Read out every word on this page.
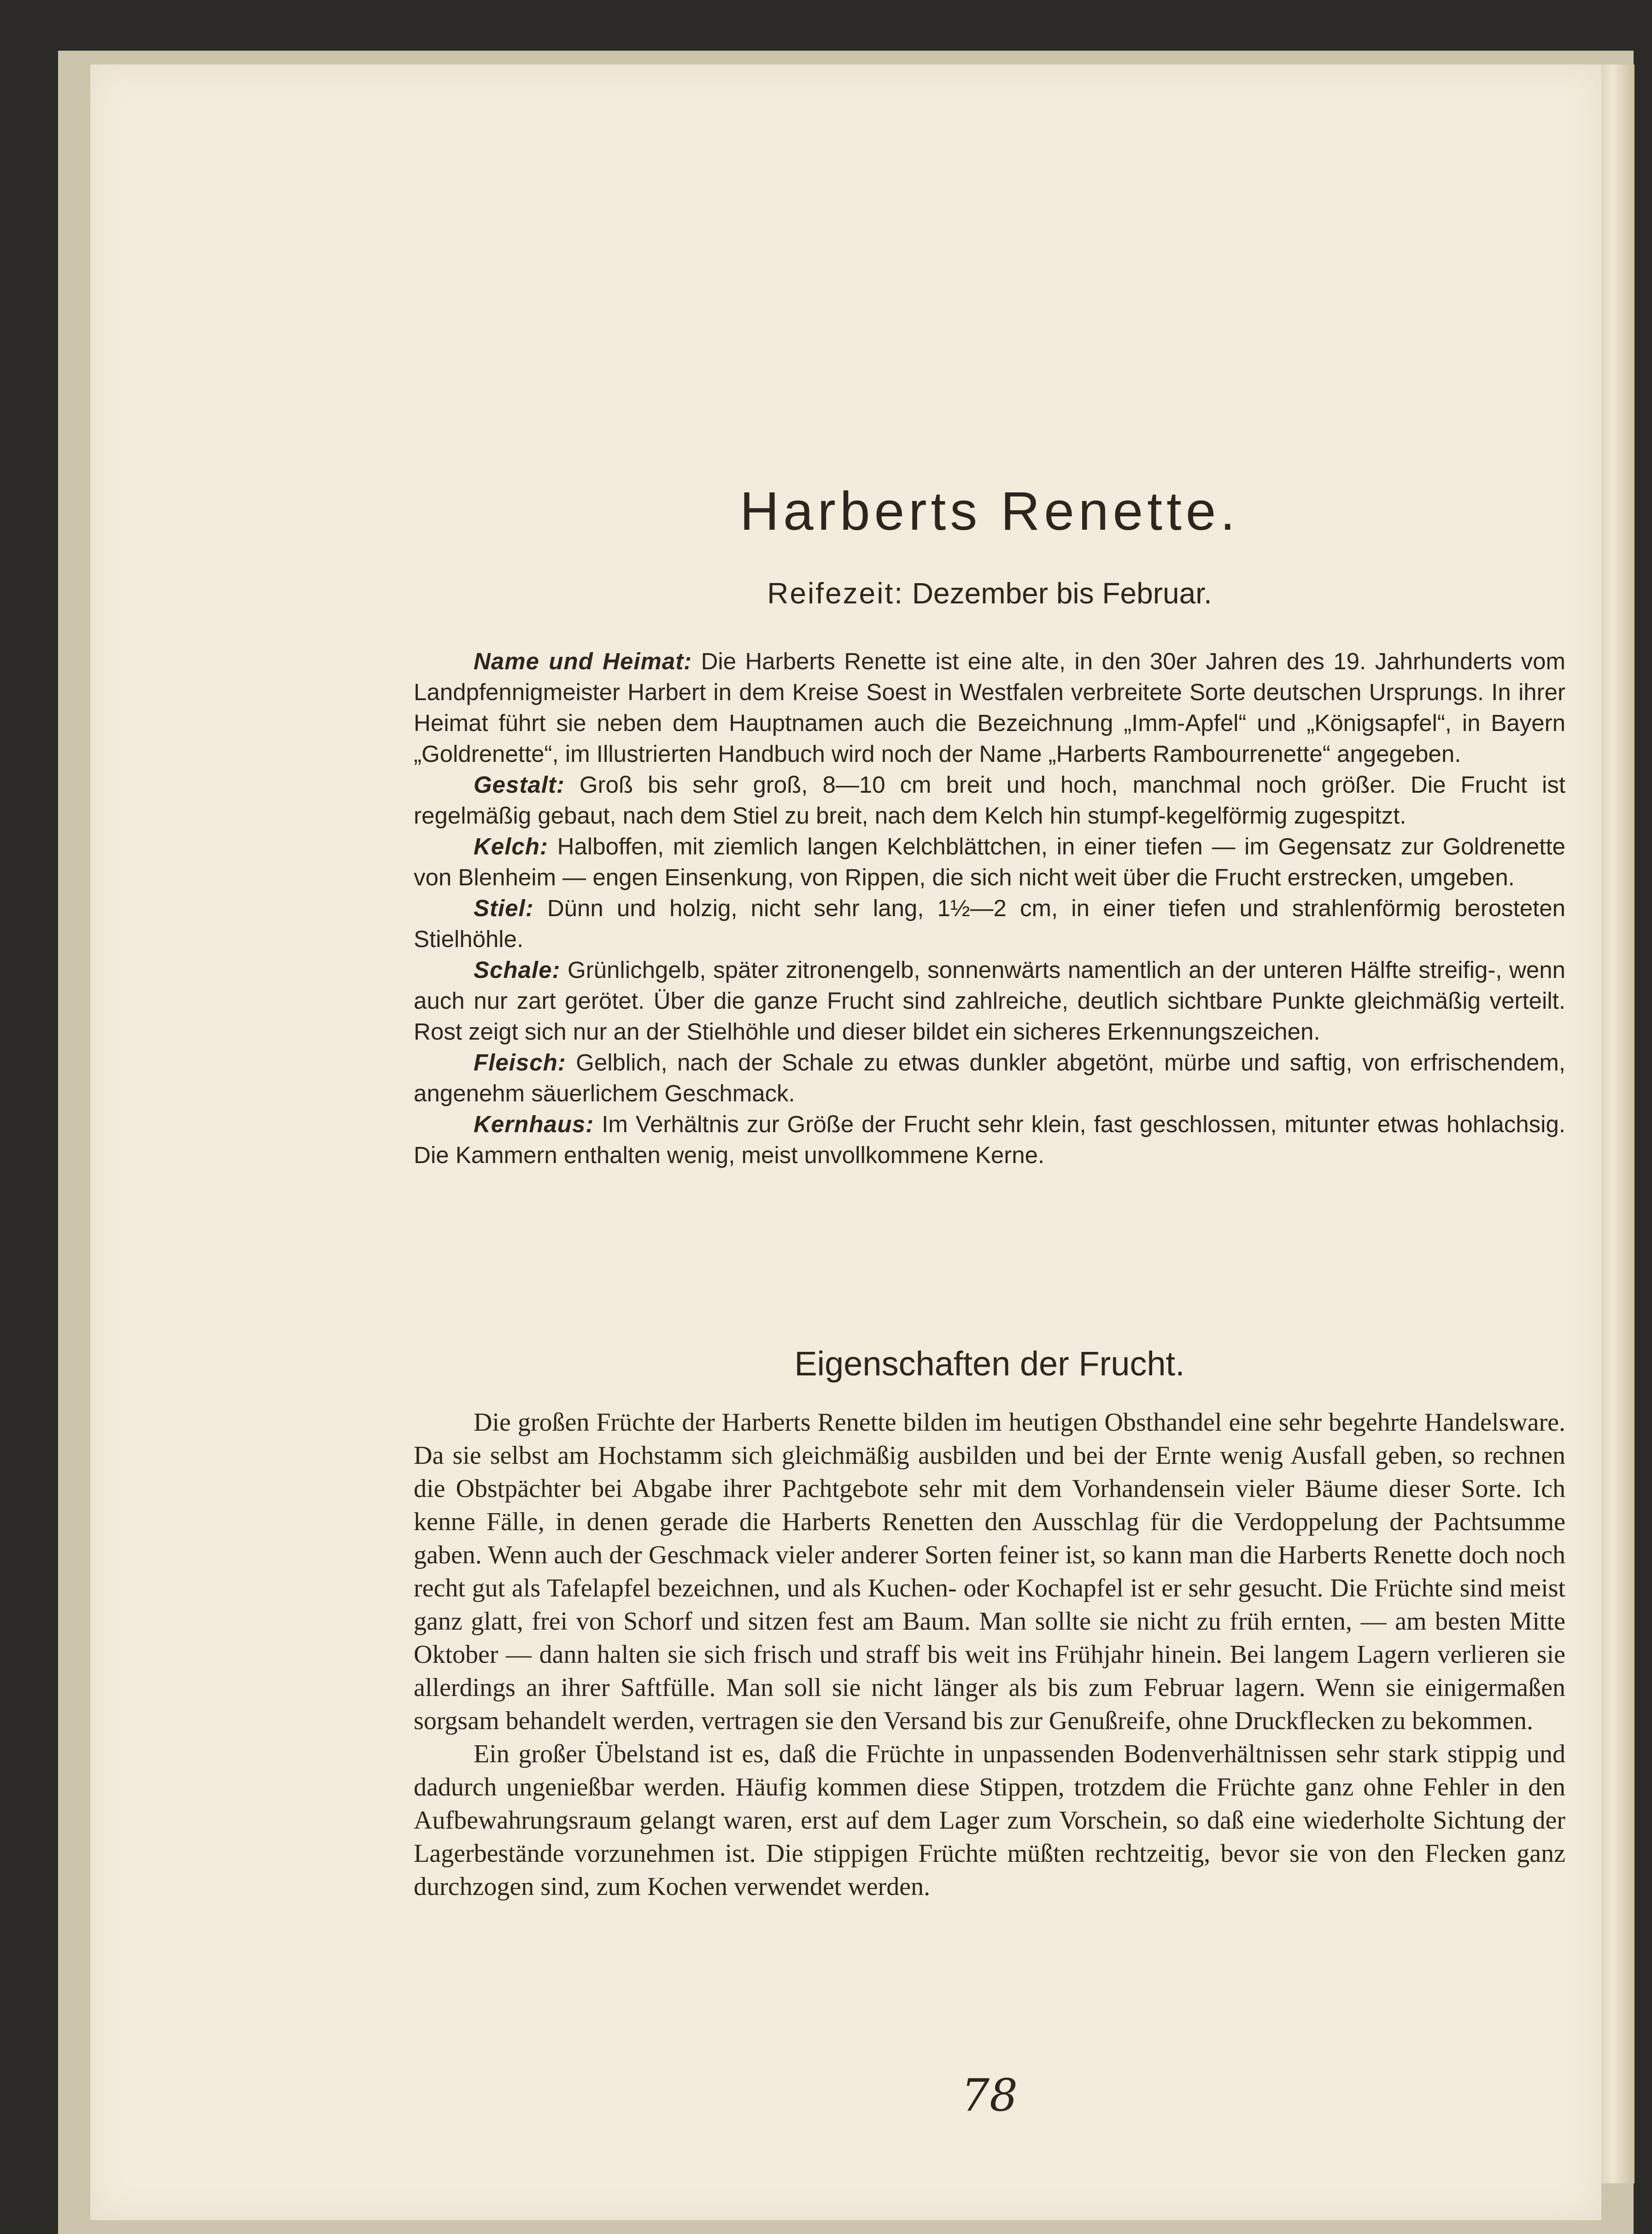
Harberts Renette.
Reifezeit: Dezember bis Februar.

Name und Heimat: Die Harberts Renette ist eine alte, in den 30er Jahren des 19. Jahrhunderts vom Landpfennigmeister Harbert in dem Kreise Soest in Westfalen verbreitete Sorte deutschen Ursprungs. In ihrer Heimat führt sie neben dem Hauptnamen auch die Bezeichnung „Imm-Apfel“ und „Königsapfel“, in Bayern „Goldrenette“, im Illustrierten Handbuch wird noch der Name „Harberts Rambourrenette“ angegeben.

Gestalt: Groß bis sehr groß, 8—10 cm breit und hoch, manchmal noch größer. Die Frucht ist regelmäßig gebaut, nach dem Stiel zu breit, nach dem Kelch hin stumpf-kegelförmig zugespitzt.

Kelch: Halboffen, mit ziemlich langen Kelchblättchen, in einer tiefen — im Gegensatz zur Goldrenette von Blenheim — engen Einsenkung, von Rippen, die sich nicht weit über die Frucht erstrecken, umgeben.

Stiel: Dünn und holzig, nicht sehr lang, 1½—2 cm, in einer tiefen und strahlenförmig berosteten Stielhöhle.

Schale: Grünlichgelb, später zitronengelb, sonnenwärts namentlich an der unteren Hälfte streifig-, wenn auch nur zart gerötet. Über die ganze Frucht sind zahlreiche, deutlich sichtbare Punkte gleichmäßig verteilt. Rost zeigt sich nur an der Stielhöhle und dieser bildet ein sicheres Erkennungszeichen.

Fleisch: Gelblich, nach der Schale zu etwas dunkler abgetönt, mürbe und saftig, von erfrischendem, angenehm säuerlichem Geschmack.

Kernhaus: Im Verhältnis zur Größe der Frucht sehr klein, fast geschlossen, mitunter etwas hohlachsig. Die Kammern enthalten wenig, meist unvollkommene Kerne.

Eigenschaften der Frucht.

Die großen Früchte der Harberts Renette bilden im heutigen Obsthandel eine sehr begehrte Handelsware. Da sie selbst am Hochstamm sich gleichmäßig ausbilden und bei der Ernte wenig Ausfall geben, so rechnen die Obstpächter bei Abgabe ihrer Pachtgebote sehr mit dem Vorhandensein vieler Bäume dieser Sorte. Ich kenne Fälle, in denen gerade die Harberts Renetten den Ausschlag für die Verdoppelung der Pachtsumme gaben. Wenn auch der Geschmack vieler anderer Sorten feiner ist, so kann man die Harberts Renette doch noch recht gut als Tafelapfel bezeichnen, und als Kuchen- oder Kochapfel ist er sehr gesucht. Die Früchte sind meist ganz glatt, frei von Schorf und sitzen fest am Baum. Man sollte sie nicht zu früh ernten, — am besten Mitte Oktober — dann halten sie sich frisch und straff bis weit ins Frühjahr hinein. Bei langem Lagern verlieren sie allerdings an ihrer Saftfülle. Man soll sie nicht länger als bis zum Februar lagern. Wenn sie einigermaßen sorgsam behandelt werden, vertragen sie den Versand bis zur Genußreife, ohne Druckflecken zu bekommen.

Ein großer Übelstand ist es, daß die Früchte in unpassenden Bodenverhältnissen sehr stark stippig und dadurch ungenießbar werden. Häufig kommen diese Stippen, trotzdem die Früchte ganz ohne Fehler in den Aufbewahrungsraum gelangt waren, erst auf dem Lager zum Vorschein, so daß eine wiederholte Sichtung der Lagerbestände vorzunehmen ist. Die stippigen Früchte müßten rechtzeitig, bevor sie von den Flecken ganz durchzogen sind, zum Kochen verwendet werden.

78
